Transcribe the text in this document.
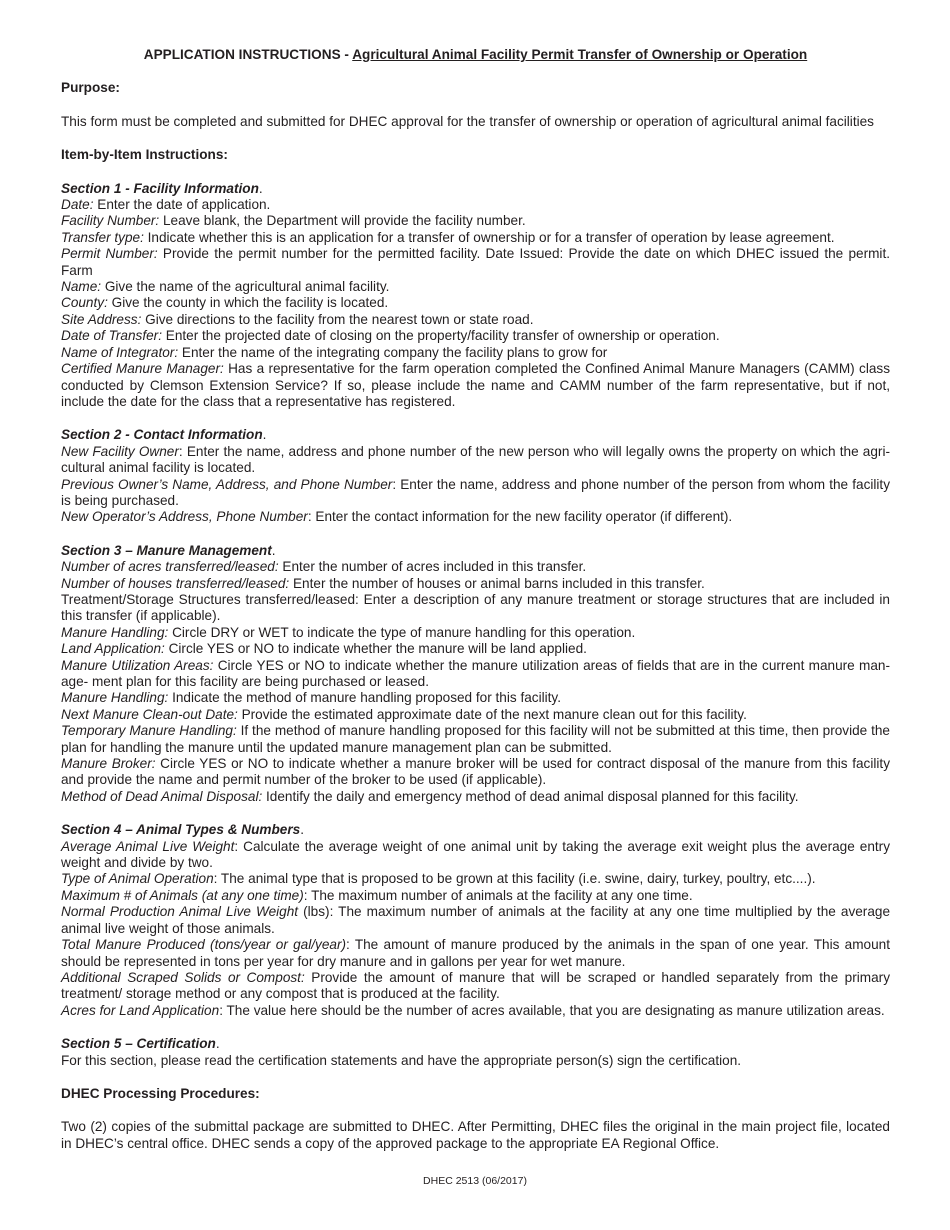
APPLICATION INSTRUCTIONS - Agricultural Animal Facility Permit Transfer of Ownership or Operation
Purpose:
This form must be completed and submitted for DHEC approval for the transfer of ownership or operation of agricultural animal facilities
Item-by-Item Instructions:
Section 1 - Facility Information.
Date: Enter the date of application.
Facility Number: Leave blank, the Department will provide the facility number.
Transfer type: Indicate whether this is an application for a transfer of ownership or for a transfer of operation by lease agreement.
Permit Number: Provide the permit number for the permitted facility. Date Issued: Provide the date on which DHEC issued the permit. Farm
Name: Give the name of the agricultural animal facility.
County: Give the county in which the facility is located.
Site Address: Give directions to the facility from the nearest town or state road.
Date of Transfer: Enter the projected date of closing on the property/facility transfer of ownership or operation.
Name of Integrator: Enter the name of the integrating company the facility plans to grow for
Certified Manure Manager: Has a representative for the farm operation completed the Confined Animal Manure Managers (CAMM) class conducted by Clemson Extension Service? If so, please include the name and CAMM number of the farm representative, but if not, include the date for the class that a representative has registered.
Section 2 - Contact Information.
New Facility Owner: Enter the name, address and phone number of the new person who will legally owns the property on which the agri-cultural animal facility is located.
Previous Owner’s Name, Address, and Phone Number: Enter the name, address and phone number of the person from whom the facility is being purchased.
New Operator’s Address, Phone Number: Enter the contact information for the new facility operator (if different).
Section 3 – Manure Management.
Number of acres transferred/leased: Enter the number of acres included in this transfer.
Number of houses transferred/leased: Enter the number of houses or animal barns included in this transfer.
Treatment/Storage Structures transferred/leased: Enter a description of any manure treatment or storage structures that are included in this transfer (if applicable).
Manure Handling: Circle DRY or WET to indicate the type of manure handling for this operation.
Land Application: Circle YES or NO to indicate whether the manure will be land applied.
Manure Utilization Areas: Circle YES or NO to indicate whether the manure utilization areas of fields that are in the current manure man-age- ment plan for this facility are being purchased or leased.
Manure Handling: Indicate the method of manure handling proposed for this facility.
Next Manure Clean-out Date: Provide the estimated approximate date of the next manure clean out for this facility.
Temporary Manure Handling: If the method of manure handling proposed for this facility will not be submitted at this time, then provide the plan for handling the manure until the updated manure management plan can be submitted.
Manure Broker: Circle YES or NO to indicate whether a manure broker will be used for contract disposal of the manure from this facility and provide the name and permit number of the broker to be used (if applicable).
Method of Dead Animal Disposal: Identify the daily and emergency method of dead animal disposal planned for this facility.
Section 4 – Animal Types & Numbers.
Average Animal Live Weight: Calculate the average weight of one animal unit by taking the average exit weight plus the average entry weight and divide by two.
Type of Animal Operation: The animal type that is proposed to be grown at this facility (i.e. swine, dairy, turkey, poultry, etc....).
Maximum # of Animals (at any one time): The maximum number of animals at the facility at any one time.
Normal Production Animal Live Weight (lbs): The maximum number of animals at the facility at any one time multiplied by the average animal live weight of those animals.
Total Manure Produced (tons/year or gal/year): The amount of manure produced by the animals in the span of one year. This amount should be represented in tons per year for dry manure and in gallons per year for wet manure.
Additional Scraped Solids or Compost: Provide the amount of manure that will be scraped or handled separately from the primary treatment/ storage method or any compost that is produced at the facility.
Acres for Land Application: The value here should be the number of acres available, that you are designating as manure utilization areas.
Section 5 – Certification.
For this section, please read the certification statements and have the appropriate person(s) sign the certification.
DHEC Processing Procedures:
Two (2) copies of the submittal package are submitted to DHEC. After Permitting, DHEC files the original in the main project file, located in DHEC’s central office. DHEC sends a copy of the approved package to the appropriate EA Regional Office.
DHEC 2513 (06/2017)
